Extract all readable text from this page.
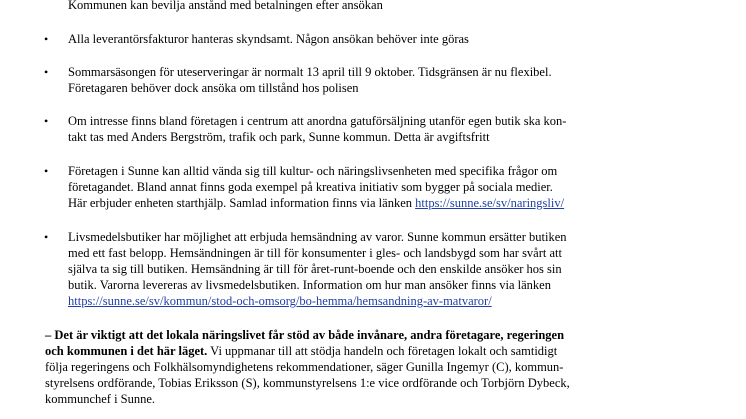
Kommunen kan bevilja anstånd med betalningen efter ansökan
• Alla leverantörsfakturor hanteras skyndsamt. Någon ansökan behöver inte göras
• Sommarsäsongen för uteserveringar är normalt 13 april till 9 oktober. Tidsgränsen är nu flexibel.
Företagaren behöver dock ansöka om tillstånd hos polisen
• Om intresse finns bland företagen i centrum att anordna gatuförsäljning utanför egen butik ska kon-
takt tas med Anders Bergström, trafik och park, Sunne kommun. Detta är avgiftsfritt
• Företagen i Sunne kan alltid vända sig till kultur- och näringslivsenheten med specifika frågor om
företagandet. Bland annat finns goda exempel på kreativa initiativ som bygger på sociala medier.
Här erbjuder enheten starthjälp. Samlad information finns via länken https://sunne.se/sv/naringsliv/
• Livsmedelsbutiker har möjlighet att erbjuda hemsändning av varor. Sunne kommun ersätter butiken
med ett fast belopp. Hemsändningen är till för konsumenter i gles- och landsbygd som har svårt att
själva ta sig till butiken. Hemsändning är till för året-runt-boende och den enskilde ansöker hos sin
butik. Varorna levereras av livsmedelsbutiken. Information om hur man ansöker finns via länken
https://sunne.se/sv/kommun/stod-och-omsorg/bo-hemma/hemsandning-av-matvaror/
– Det är viktigt att det lokala näringslivet får stöd av både invånare, andra företagare, regeringen
och kommunen i det här läget. Vi uppmanar till att stödja handeln och företagen lokalt och samtidigt
följa regeringens och Folkhälsomyndighetens rekommendationer, säger Gunilla Ingemyr (C), kommun-
styrelsens ordförande, Tobias Eriksson (S), kommunstyrelsens 1:e vice ordförande och Torbjörn Dybeck,
kommunchef i Sunne.
